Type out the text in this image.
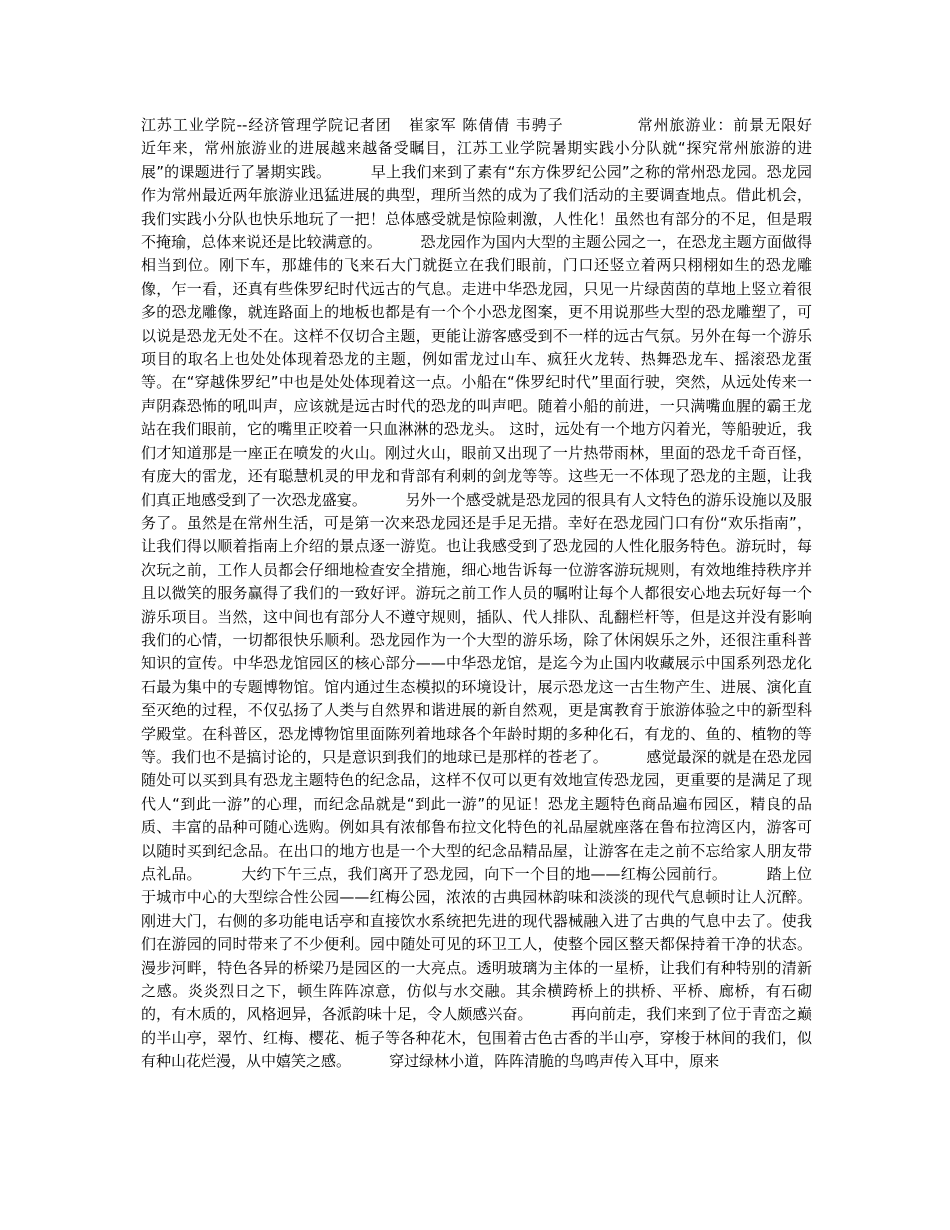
江苏工业学院--经济管理学院记者团   崔家军 陈倩倩 韦骋子             常州旅游业：前景无限好        近年来，常州旅游业的进展越来越备受瞩目，江苏工业学院暑期实践小分队就“探究常州旅游的进展”的课题进行了暑期实践。        早上我们来到了素有“东方侏罗纪公园”之称的常州恐龙园。恐龙园作为常州最近两年旅游业迅猛进展的典型，理所当然的成为了我们活动的主要调查地点。借此机会，我们实践小分队也快乐地玩了一把！总体感受就是惊险刺激，人性化！虽然也有部分的不足，但是瑕不掩瑜，总体来说还是比较满意的。        恐龙园作为国内大型的主题公园之一，在恐龙主题方面做得相当到位。刚下车，那雄伟的飞来石大门就挺立在我们眼前，门口还竖立着两只栩栩如生的恐龙雕像，乍一看，还真有些侏罗纪时代远古的气息。走进中华恐龙园，只见一片绿茵茵的草地上竖立着很多的恐龙雕像，就连路面上的地板也都是有一个个小恐龙图案，更不用说那些大型的恐龙雕塑了，可以说是恐龙无处不在。这样不仅切合主题，更能让游客感受到不一样的远古气氛。另外在每一个游乐项目的取名上也处处体现着恐龙的主题，例如雷龙过山车、疯狂火龙转、热舞恐龙车、摇滚恐龙蛋等。在“穿越侏罗纪”中也是处处体现着这一点。小船在“侏罗纪时代”里面行驶，突然，从远处传来一声阴森恐怖的吼叫声，应该就是远古时代的恐龙的叫声吧。随着小船的前进，一只满嘴血腥的霸王龙站在我们眼前，它的嘴里正咬着一只血淋淋的恐龙头。 这时，远处有一个地方闪着光，等船驶近，我们才知道那是一座正在喷发的火山。刚过火山，眼前又出现了一片热带雨林，里面的恐龙千奇百怪，有庞大的雷龙，还有聪慧机灵的甲龙和背部有利刺的剑龙等等。这些无一不体现了恐龙的主题，让我们真正地感受到了一次恐龙盛宴。        另外一个感受就是恐龙园的很具有人文特色的游乐设施以及服务了。虽然是在常州生活，可是第一次来恐龙园还是手足无措。幸好在恐龙园门口有份“欢乐指南”，让我们得以顺着指南上介绍的景点逐一游览。也让我感受到了恐龙园的人性化服务特色。游玩时，每次玩之前，工作人员都会仔细地检查安全措施，细心地告诉每一位游客游玩规则，有效地维持秩序并且以微笑的服务赢得了我们的一致好评。游玩之前工作人员的嘱咐让每个人都很安心地去玩好每一个游乐项目。当然，这中间也有部分人不遵守规则，插队、代人排队、乱翻栏杆等，但是这并没有影响我们的心情，一切都很快乐顺利。恐龙园作为一个大型的游乐场，除了休闲娱乐之外，还很注重科普知识的宣传。中华恐龙馆园区的核心部分——中华恐龙馆，是迄今为止国内收藏展示中国系列恐龙化石最为集中的专题博物馆。馆内通过生态模拟的环境设计，展示恐龙这一古生物产生、进展、演化直至灭绝的过程，不仅弘扬了人类与自然界和谐进展的新自然观，更是寓教育于旅游体验之中的新型科学殿堂。在科普区，恐龙博物馆里面陈列着地球各个年龄时期的多种化石，有龙的、鱼的、植物的等等。我们也不是搞讨论的，只是意识到我们的地球已是那样的苍老了。        感觉最深的就是在恐龙园随处可以买到具有恐龙主题特色的纪念品，这样不仅可以更有效地宣传恐龙园，更重要的是满足了现代人“到此一游”的心理，而纪念品就是“到此一游”的见证！恐龙主题特色商品遍布园区，精良的品质、丰富的品种可随心选购。例如具有浓郁鲁布拉文化特色的礼品屋就座落在鲁布拉湾区内，游客可以随时买到纪念品。在出口的地方也是一个大型的纪念品精品屋，让游客在走之前不忘给家人朋友带点礼品。        大约下午三点，我们离开了恐龙园，向下一个目的地——红梅公园前行。        踏上位于城市中心的大型综合性公园——红梅公园，浓浓的古典园林韵味和淡淡的现代气息顿时让人沉醉。        刚进大门，右侧的多功能电话亭和直接饮水系统把先进的现代器械融入进了古典的气息中去了。使我们在游园的同时带来了不少便利。园中随处可见的环卫工人，使整个园区整天都保持着干净的状态。        漫步河畔，特色各异的桥梁乃是园区的一大亮点。透明玻璃为主体的一星桥，让我们有种特别的清新之感。炎炎烈日之下，顿生阵阵凉意，仿似与水交融。其余横跨桥上的拱桥、平桥、廊桥，有石砌的，有木质的，风格迥异，各派韵味十足，令人颇感兴奋。        再向前走，我们来到了位于青峦之巅的半山亭，翠竹、红梅、樱花、栀子等各种花木，包围着古色古香的半山亭，穿梭于林间的我们，似有种山花烂漫，从中嬉笑之感。        穿过绿林小道，阵阵清脆的鸟鸣声传入耳中，原来
